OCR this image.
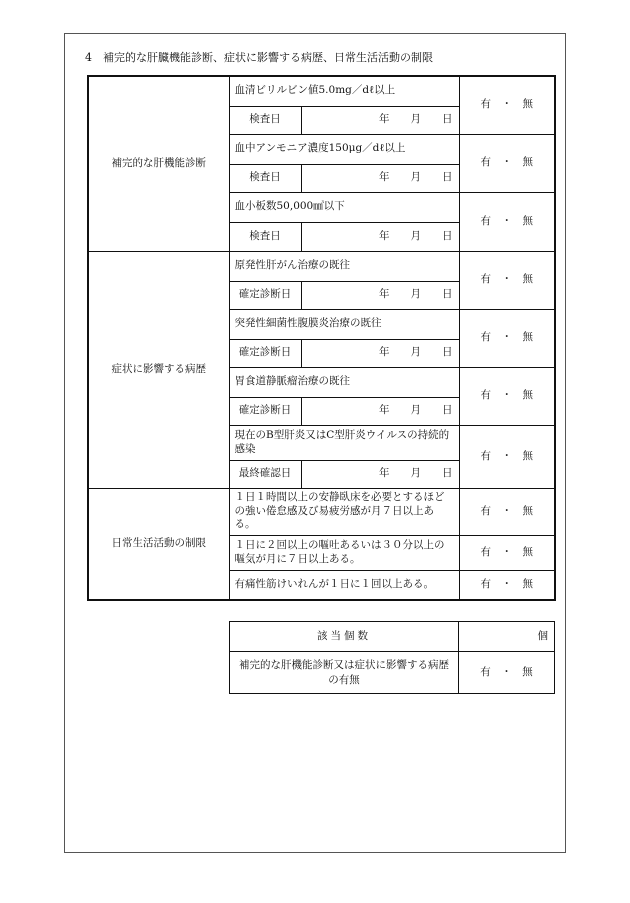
4 補完的な肝臓機能診断、症状に影響する病歴、日常生活活動の制限
補完的な肝機能診断	血清ビリルビン値5.0mg／dℓ以上		有　・　無
	検査日	年　　月　　日	
	血中アンモニア濃度150μg／dℓ以上		有　・　無
	検査日	年　　月　　日	
	血小板数50,000㎣以下		有　・　無
	検査日	年　　月　　日	
症状に影響する病歴	原発性肝がん治療の既往		有　・　無
	確定診断日	年　　月　　日	
	突発性細菌性腹膜炎治療の既往		有　・　無
	確定診断日	年　　月　　日	
	胃食道静脈瘤治療の既往		有　・　無
	確定診断日	年　　月　　日	
	現在のB型肝炎又はC型肝炎ウイルスの持続的感染		有　・　無
	最終確認日	年　　月　　日	
日常生活活動の制限	１日１時間以上の安静臥床を必要とするほどの強い倦怠感及び易疲労感が月７日以上ある。		有　・　無
	１日に２回以上の嘔吐あるいは３０分以上の嘔気が月に７日以上ある。		有　・　無
	有痛性筋けいれんが１日に１回以上ある。		有　・　無
該当個数	個
補完的な肝機能診断又は症状に影響する病歴の有無	有　・　無
